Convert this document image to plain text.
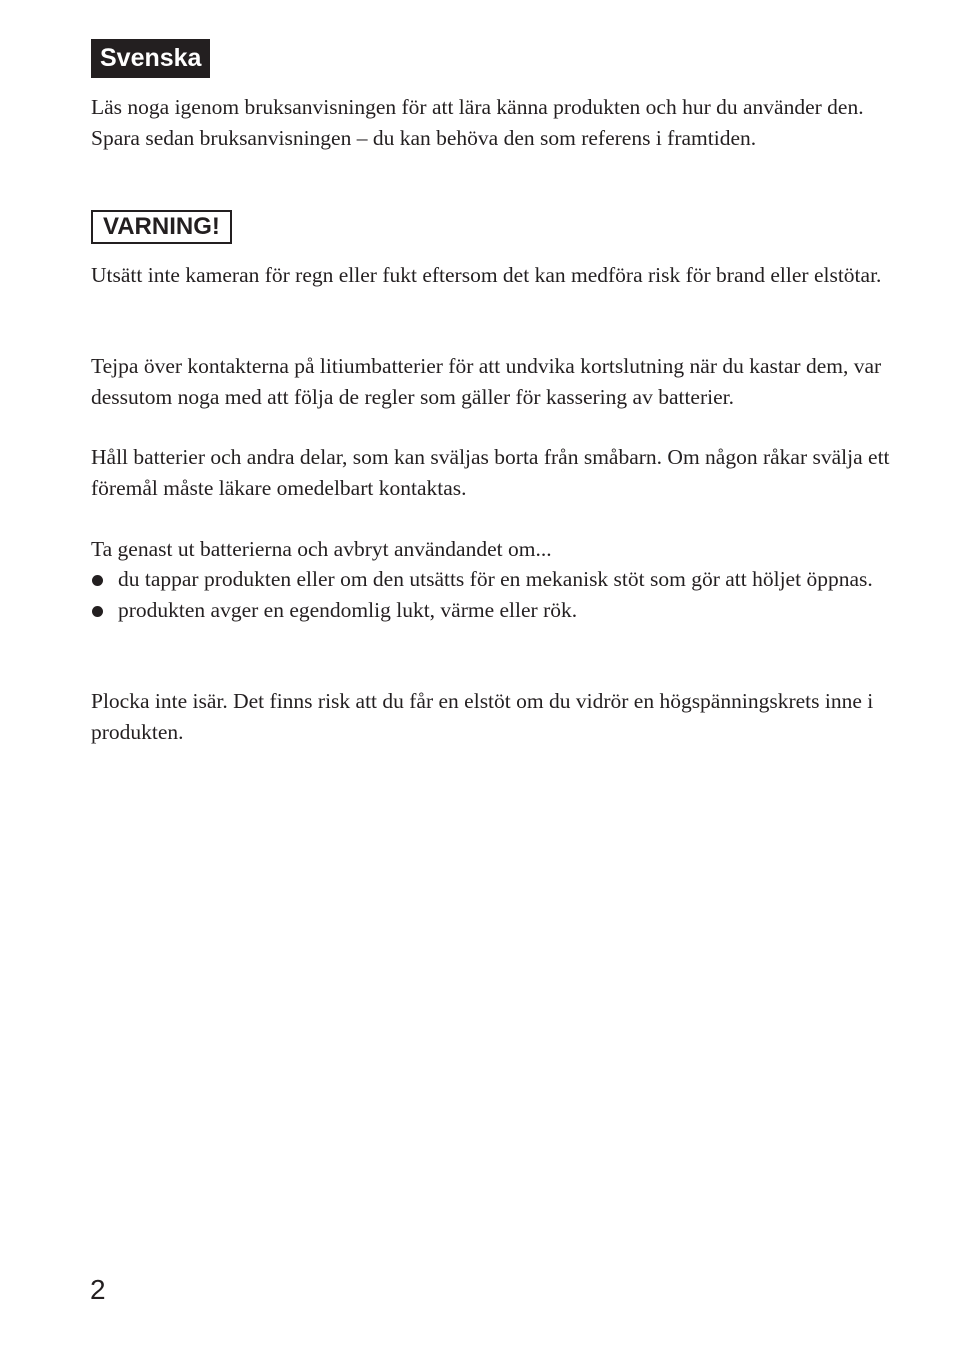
Svenska

Läs noga igenom bruksanvisningen för att lära känna produkten och hur du använder den. Spara sedan bruksanvisningen – du kan behöva den som referens i framtiden.

VARNING!

Utsätt inte kameran för regn eller fukt eftersom det kan medföra risk för brand eller elstötar.

Tejpa över kontakterna på litiumbatterier för att undvika kortslutning när du kastar dem, var dessutom noga med att följa de regler som gäller för kassering av batterier.

Håll batterier och andra delar, som kan sväljas borta från småbarn. Om någon råkar svälja ett föremål måste läkare omedelbart kontaktas.

Ta genast ut batterierna och avbryt användandet om...

du tappar produkten eller om den utsätts för en mekanisk stöt som gör att höljet öppnas.
produkten avger en egendomlig lukt, värme eller rök.

Plocka inte isär. Det finns risk att du får en elstöt om du vidrör en högspänningskrets inne i produkten.

2
